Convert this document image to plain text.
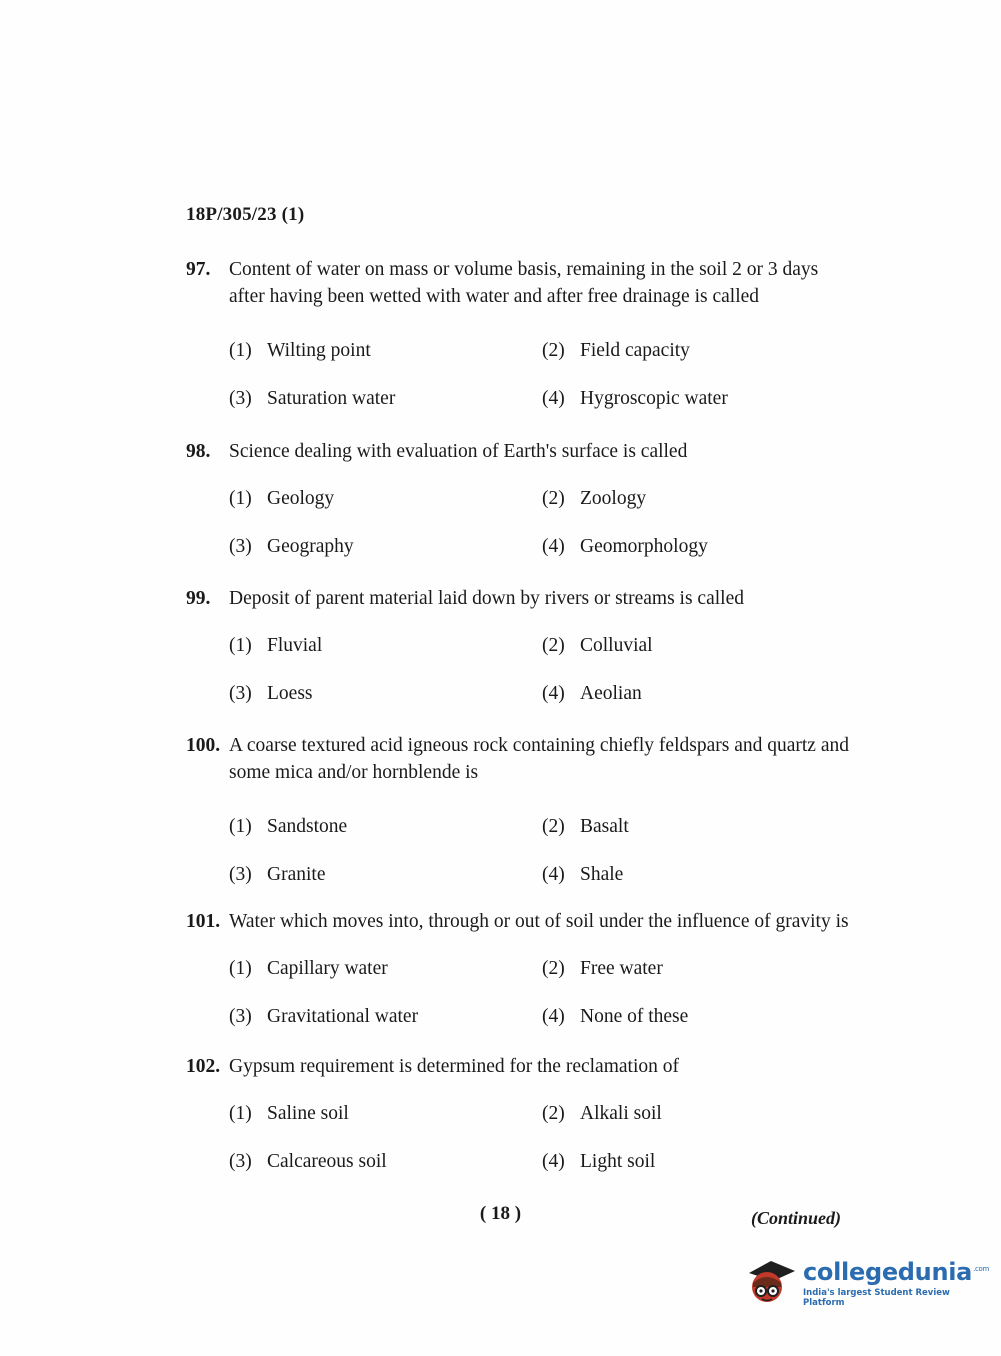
18P/305/23 (1)
97. Content of water on mass or volume basis, remaining in the soil 2 or 3 days after having been wetted with water and after free drainage is called
(1) Wilting point	(2) Field capacity
(3) Saturation water	(4) Hygroscopic water
98. Science dealing with evaluation of Earth's surface is called
(1) Geology	(2) Zoology
(3) Geography	(4) Geomorphology
99. Deposit of parent material laid down by rivers or streams is called
(1) Fluvial	(2) Colluvial
(3) Loess	(4) Aeolian
100. A coarse textured acid igneous rock containing chiefly feldspars and quartz and some mica and/or hornblende is
(1) Sandstone	(2) Basalt
(3) Granite	(4) Shale
101. Water which moves into, through or out of soil under the influence of gravity is
(1) Capillary water	(2) Free water
(3) Gravitational water	(4) None of these
102. Gypsum requirement is determined for the reclamation of
(1) Saline soil	(2) Alkali soil
(3) Calcareous soil	(4) Light soil
( 18 )	(Continued)
collegedunia$^{.com}$
India's largest Student Review Platform
